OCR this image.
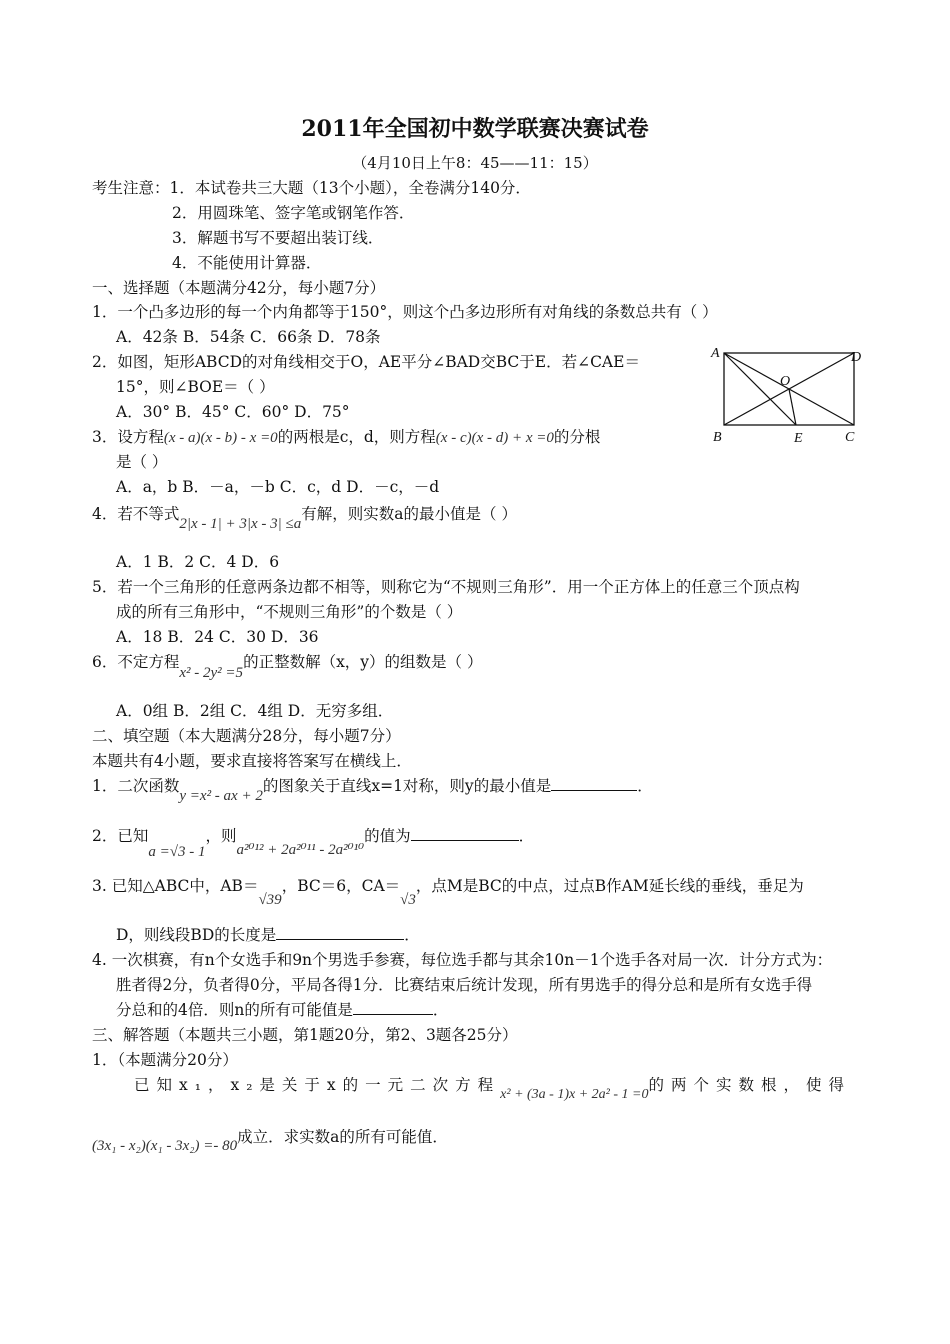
2011年全国初中数学联赛决赛试卷
（4月10日上午8：45——11：15）
考生注意：1．本试卷共三大题（13个小题），全卷满分140分．
2．用圆珠笔、签字笔或钢笔作答．
3．解题书写不要超出装订线．
4．不能使用计算器．
一、选择题（本题满分42分，每小题7分）
1．一个凸多边形的每一个内角都等于150°，则这个凸多边形所有对角线的条数总共有（ ）
A．42条 B．54条 C．66条 D．78条
2．如图，矩形ABCD的对角线相交于O，AE平分∠BAD交BC于E．若∠CAE＝
15°，则∠BOE＝（ ）
A．30° B．45° C．60° D．75°
A	D
O
B	E	C
3．设方程(x - a)(x - b) - x =0的两根是c，d，则方程(x - c)(x - d) + x =0的分根
是（ ）
A．a，b B．－a，－b C．c，d D．－c，－d
4．若不等式2|x - 1| + 3|x - 3| ≤a有解，则实数a的最小值是（ ）
A．1 B．2 C．4 D．6
5．若一个三角形的任意两条边都不相等，则称它为“不规则三角形”．用一个正方体上的任意三个顶点构
成的所有三角形中，“不规则三角形”的个数是（ ）
A．18 B．24 C．30 D．36
6．不定方程x² - 2y² =5的正整数解（x，y）的组数是（ ）
A．0组 B．2组 C．4组 D．无穷多组．
二、填空题（本大题满分28分，每小题7分）
本题共有4小题，要求直接将答案写在横线上．
1．二次函数y =x² - ax + 2的图象关于直线x=1对称，则y的最小值是	．
2．已知a =√3 - 1，则a²⁰¹² + 2a²⁰¹¹ - 2a²⁰¹⁰的值为	．
3. 已知△ABC中，AB＝√39，BC＝6，CA＝√3，点M是BC的中点，过点B作AM延长线的垂线，垂足为
D，则线段BD的长度是	．
4. 一次棋赛，有n个女选手和9n个男选手参赛，每位选手都与其余10n－1个选手各对局一次．计分方式为：
胜者得2分，负者得0分，平局各得1分．比赛结束后统计发现，所有男选手的得分总和是所有女选手得
分总和的4倍．则n的所有可能值是	．
三、解答题（本题共三小题，第1题20分，第2、3题各25分）
1．（本题满分20分）
已知x₁，x₂是关于x的一元二次方程x² + (3a - 1)x + 2a² - 1 =0的两个实数根，使得
(3x₁ - x₂)(x₁ - 3x₂) =- 80成立．求实数a的所有可能值．
